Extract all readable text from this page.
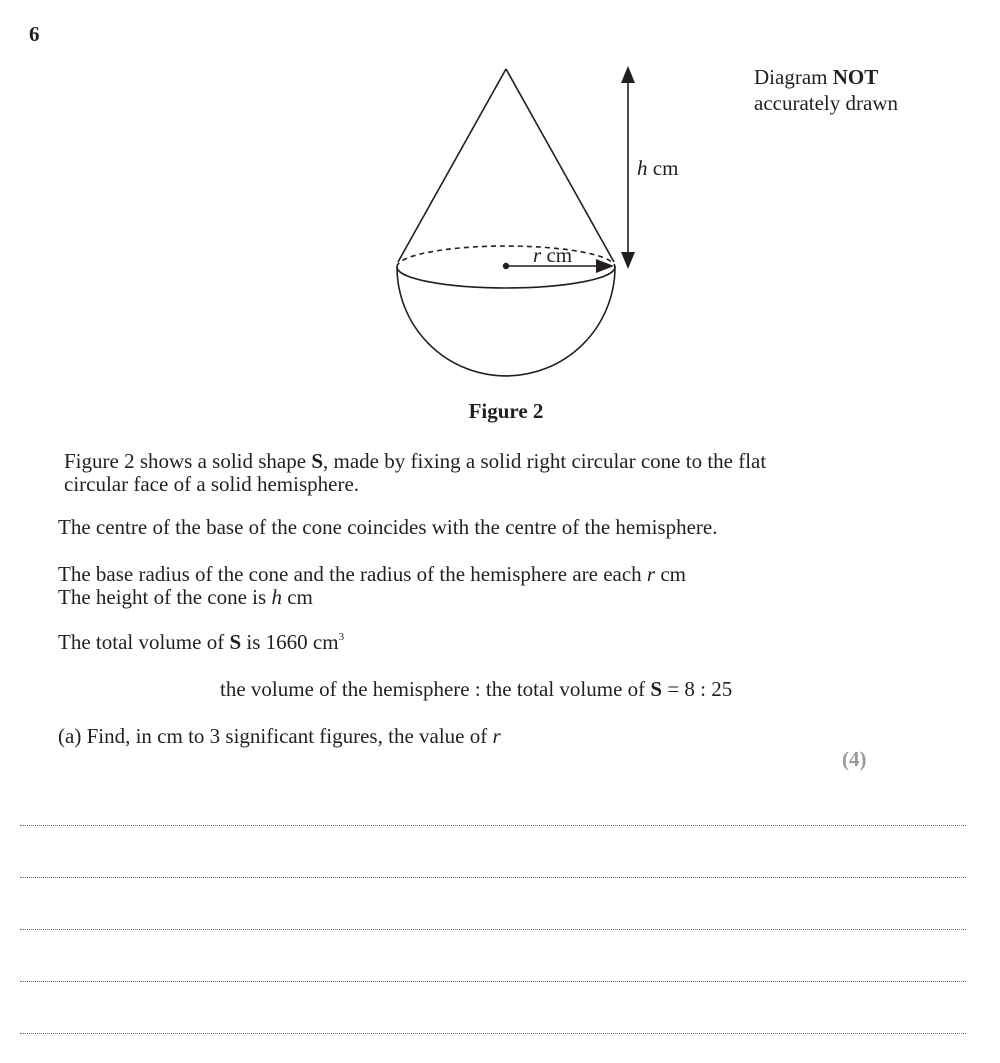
6
Diagram NOT
accurately drawn
h cm
r cm
Figure 2
Figure 2 shows a solid shape S, made by fixing a solid right circular cone to the flat
circular face of a solid hemisphere.
The centre of the base of the cone coincides with the centre of the hemisphere.
The base radius of the cone and the radius of the hemisphere are each r cm
The height of the cone is h cm
The total volume of S is 1660 $cm^3$
the volume of the hemisphere : the total volume of S = 8 : 25
(a) Find, in cm to 3 significant figures, the value of r
(4)
